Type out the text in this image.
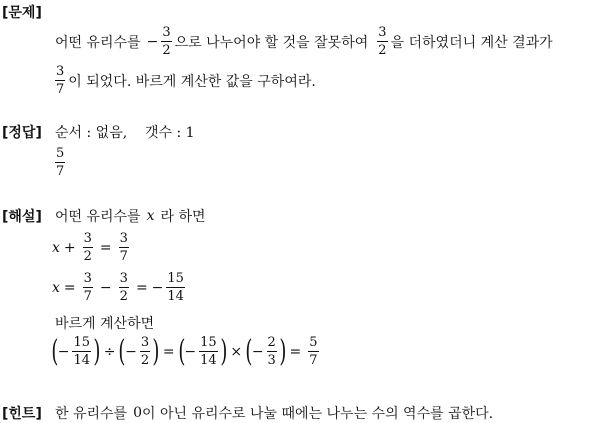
[문제]
어떤 유리수를 − $\frac{3}{2}$ 으로 나누어야 할 것을 잘못하여 $\frac{3}{2}$ 을 더하였더니 계산 결과가
$\frac{3}{7}$ 이 되었다. 바르게 계산한 값을 구하여라.
[정답] 순서 : 없음,    갯수 : 1
$\frac{5}{7}$
[해설] 어떤 유리수를 x 라 하면
$x + \frac{3}{2} = \frac{3}{7}$
$x = \frac{3}{7} - \frac{3}{2}$ = − $\frac{15}{14}$
바르게 계산하면
( − $\frac{15}{14}$ ) ÷ ( − $\frac{3}{2}$ ) = ( − $\frac{15}{14}$ ) × ( − $\frac{2}{3}$ ) = $\frac{5}{7}$
[힌트] 한 유리수를 0 이 아닌 유리수로 나눌 때에는 나누는 수의 역수를 곱한다.
